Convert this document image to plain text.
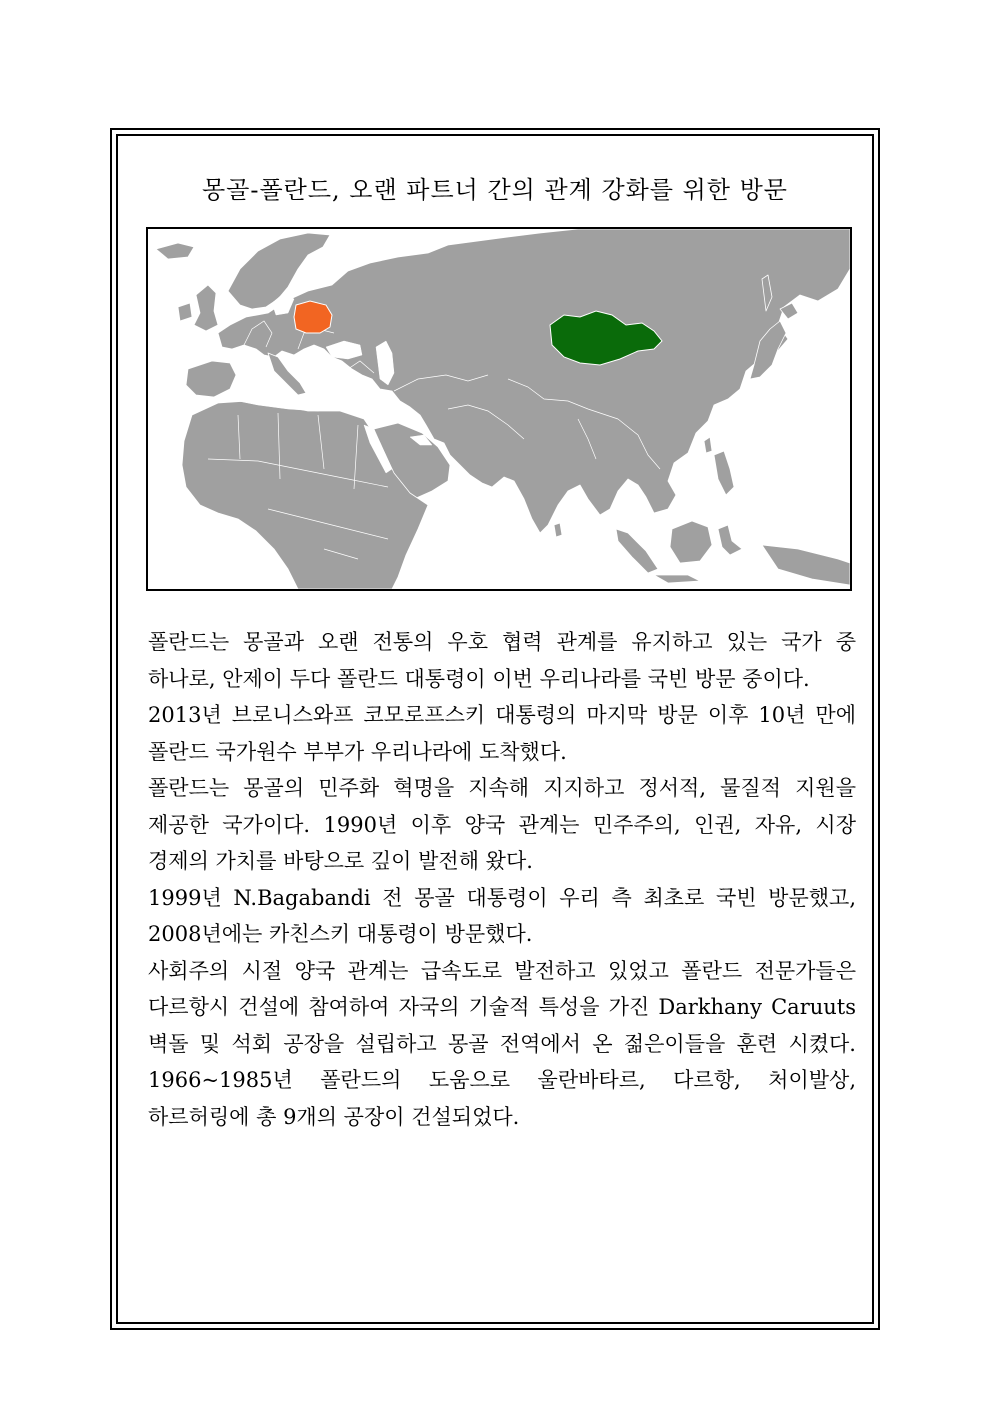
몽골-폴란드, 오랜 파트너 간의 관계 강화를 위한 방문

폴란드는 몽골과 오랜 전통의 우호 협력 관계를 유지하고 있는 국가 중 하나로, 안제이 두다 폴란드 대통령이 이번 우리나라를 국빈 방문 중이다.

2013년 브로니스와프 코모로프스키 대통령의 마지막 방문 이후 10년 만에 폴란드 국가원수 부부가 우리나라에 도착했다.

폴란드는 몽골의 민주화 혁명을 지속해 지지하고 정서적, 물질적 지원을 제공한 국가이다. 1990년 이후 양국 관계는 민주주의, 인권, 자유, 시장 경제의 가치를 바탕으로 깊이 발전해 왔다.

1999년 N.Bagabandi 전 몽골 대통령이 우리 측 최초로 국빈 방문했고, 2008년에는 카친스키 대통령이 방문했다.

사회주의 시절 양국 관계는 급속도로 발전하고 있었고 폴란드 전문가들은 다르항시 건설에 참여하여 자국의 기술적 특성을 가진 Darkhany Caruuts 벽돌 및 석회 공장을 설립하고 몽골 전역에서 온 젊은이들을 훈련 시켰다. 1966~1985년 폴란드의 도움으로 울란바타르, 다르항, 처이발상, 하르허링에 총 9개의 공장이 건설되었다.
